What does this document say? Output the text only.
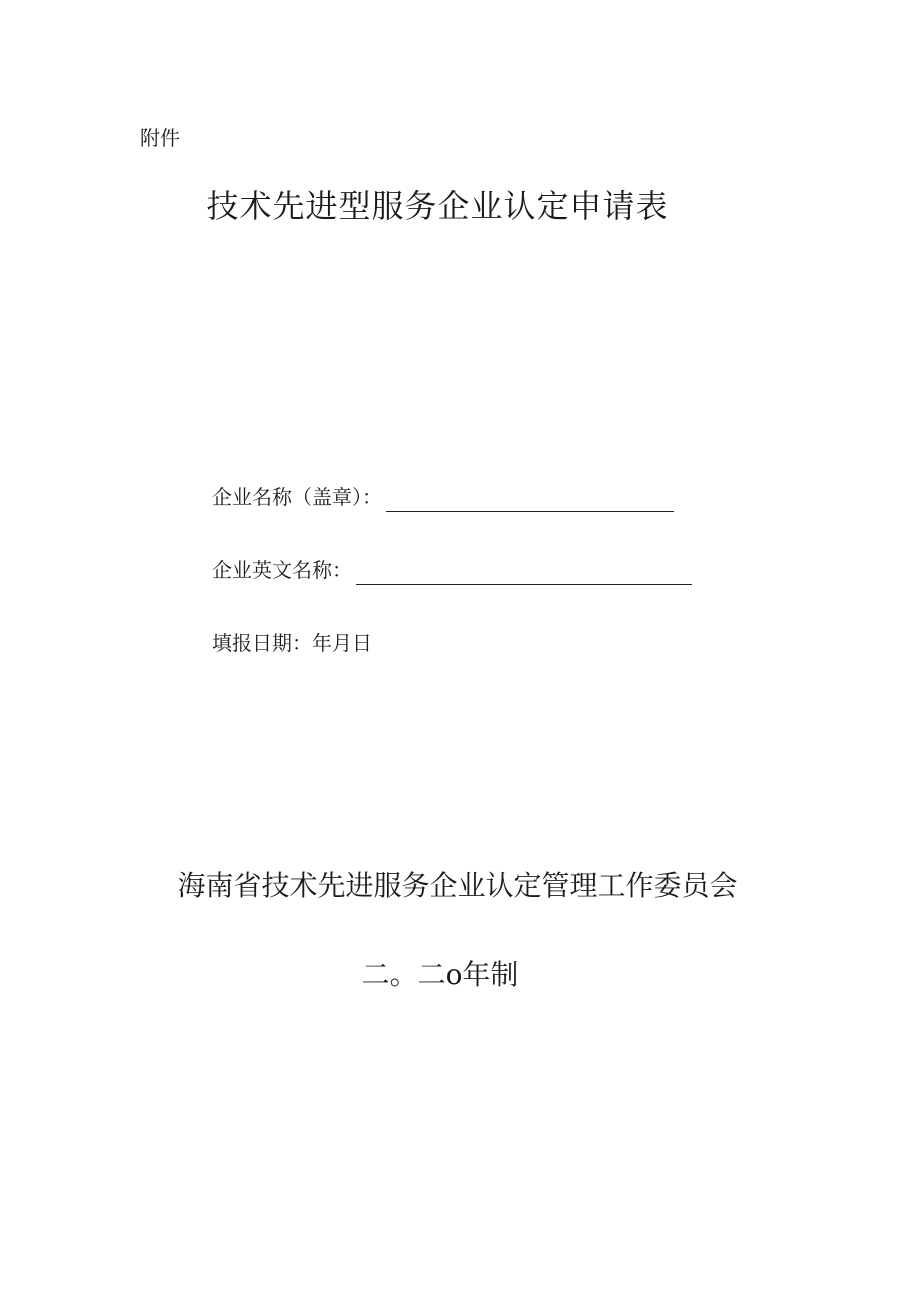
附件
技术先进型服务企业认定申请表
企业名称（盖章）：
企业英文名称：
填报日期：年月日
海南省技术先进服务企业认定管理工作委员会
二。二o年制
